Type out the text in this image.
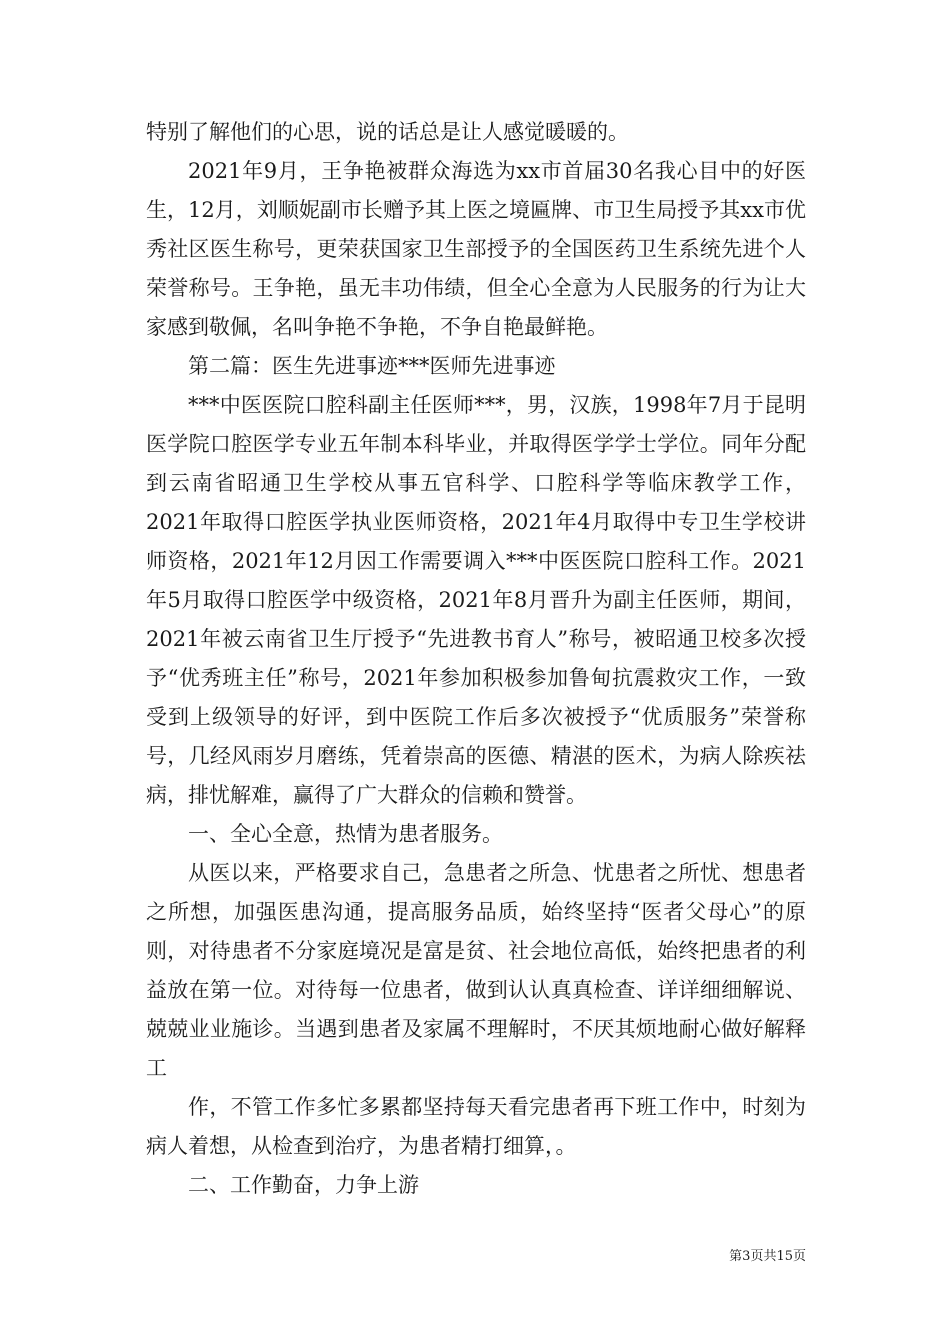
特别了解他们的心思，说的话总是让人感觉暖暖的。

2021年9月，王争艳被群众海选为xx市首届30名我心目中的好医生，12月，刘顺妮副市长赠予其上医之境匾牌、市卫生局授予其xx市优秀社区医生称号，更荣获国家卫生部授予的全国医药卫生系统先进个人荣誉称号。王争艳，虽无丰功伟绩，但全心全意为人民服务的行为让大家感到敬佩，名叫争艳不争艳，不争自艳最鲜艳。

第二篇：医生先进事迹***医师先进事迹

***中医医院口腔科副主任医师***，男，汉族，1998年7月于昆明医学院口腔医学专业五年制本科毕业，并取得医学学士学位。同年分配到云南省昭通卫生学校从事五官科学、口腔科学等临床教学工作，2021年取得口腔医学执业医师资格，2021年4月取得中专卫生学校讲师资格，2021年12月因工作需要调入***中医医院口腔科工作。2021年5月取得口腔医学中级资格，2021年8月晋升为副主任医师，期间，2021年被云南省卫生厅授予“先进教书育人”称号，被昭通卫校多次授予“优秀班主任”称号，2021年参加积极参加鲁甸抗震救灾工作，一致受到上级领导的好评，到中医院工作后多次被授予“优质服务”荣誉称号，几经风雨岁月磨练，凭着崇高的医德、精湛的医术，为病人除疾祛病，排忧解难，赢得了广大群众的信赖和赞誉。

一、全心全意，热情为患者服务。

从医以来，严格要求自己，急患者之所急、忧患者之所忧、想患者之所想，加强医患沟通，提高服务品质，始终坚持“医者父母心”的原则，对待患者不分家庭境况是富是贫、社会地位高低，始终把患者的利益放在第一位。对待每一位患者，做到认认真真检查、详详细细解说、兢兢业业施诊。当遇到患者及家属不理解时，不厌其烦地耐心做好解释工

作，不管工作多忙多累都坚持每天看完患者再下班工作中，时刻为病人着想，从检查到治疗，为患者精打细算，。

二、工作勤奋，力争上游

第3页共15页
